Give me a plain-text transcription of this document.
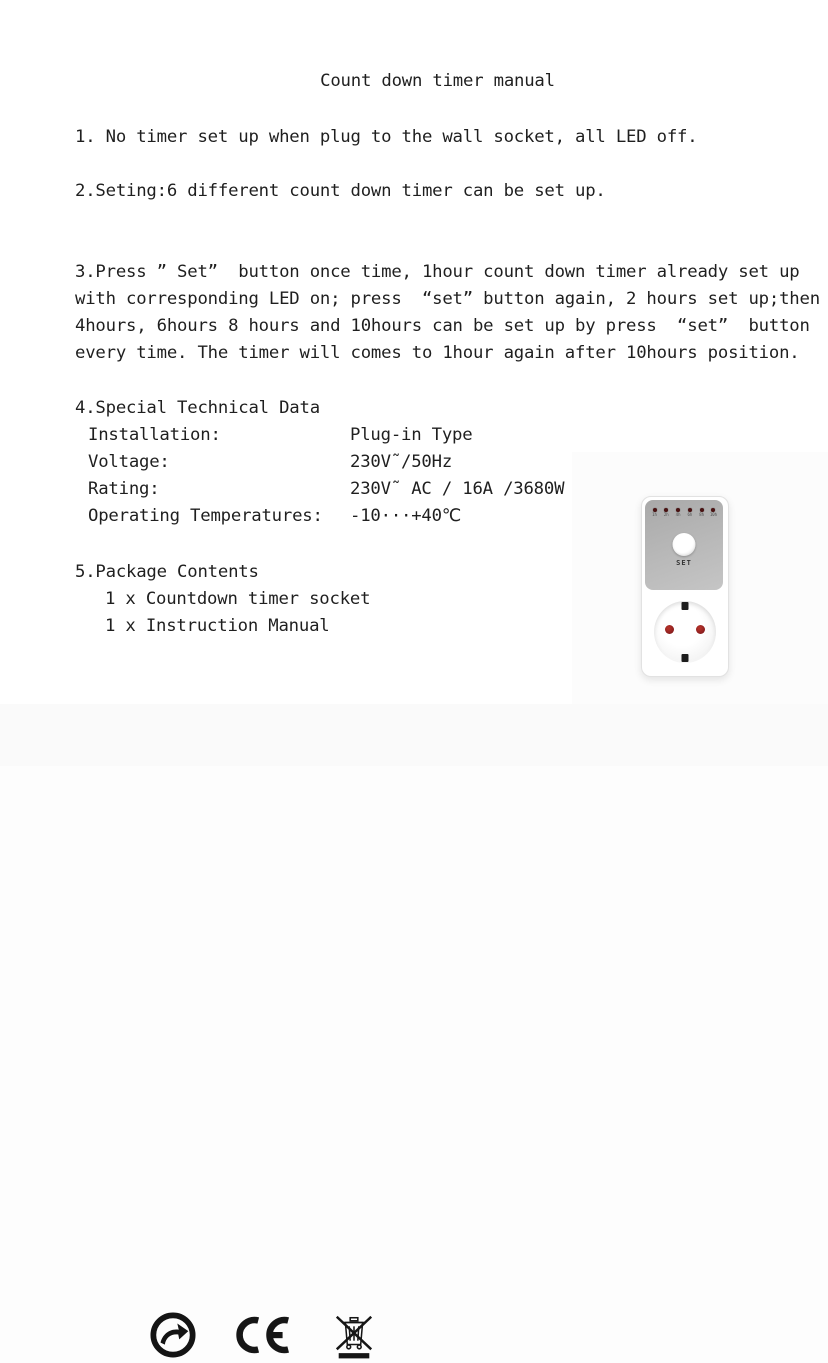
Count down timer manual
1. No timer set up when plug to the wall socket, all LED off.
2.Seting:6 different count down timer can be set up.
3.Press ” Set”  button once time, 1hour count down timer already set up
with corresponding LED on; press  “set” button again, 2 hours set up;then
4hours, 6hours 8 hours and 10hours can be set up by press  “set”  button
every time. The timer will comes to 1hour again after 10hours position.
4.Special Technical Data
Installation:	Plug-in Type
Voltage:	230V˜/50Hz
Rating:	230V˜ AC / 16A /3680W
Operating Temperatures:	-10···+40℃
5.Package Contents
1 x Countdown timer socket
1 x Instruction Manual
1h	2h	4h	6h	8h	10h
SET
